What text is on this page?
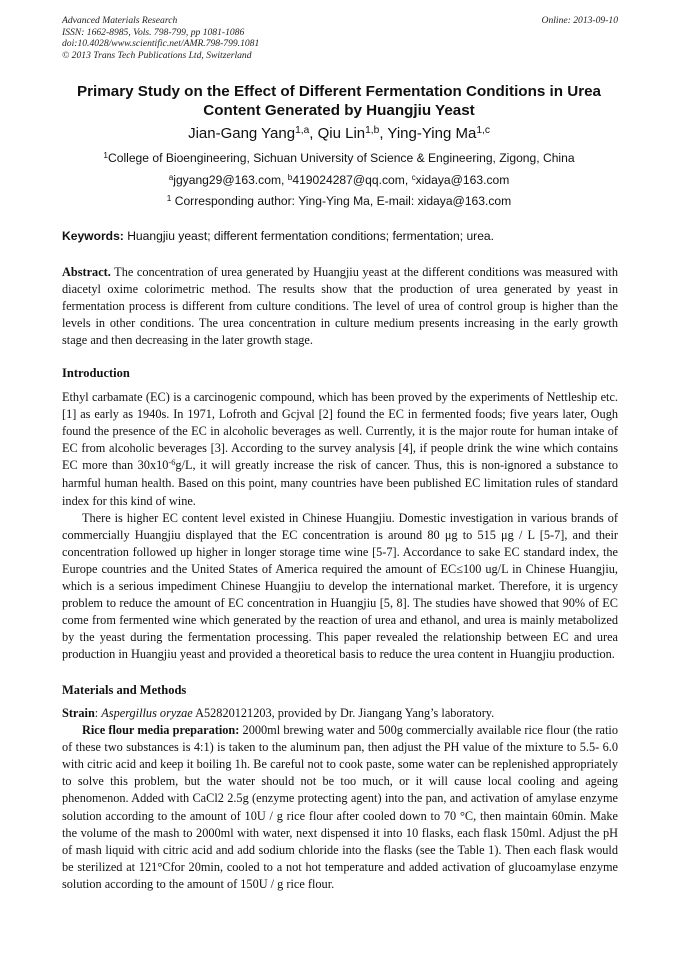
Advanced Materials Research
ISSN: 1662-8985, Vols. 798-799, pp 1081-1086
doi:10.4028/www.scientific.net/AMR.798-799.1081
© 2013 Trans Tech Publications Ltd, Switzerland
Online: 2013-09-10
Primary Study on the Effect of Different Fermentation Conditions in Urea
Content Generated by Huangjiu Yeast
Jian-Gang Yang$^{1,a}$, Qiu Lin$^{1,b}$, Ying-Ying Ma$^{1,c}$
$^1$College of Bioengineering, Sichuan University of Science & Engineering, Zigong, China
$^a$jgyang29@163.com, $^b$419024287@qq.com, $^c$xidaya@163.com
$^1$ Corresponding author: Ying-Ying Ma, E-mail: xidaya@163.com
Keywords: Huangjiu yeast; different fermentation conditions; fermentation; urea.

Abstract. The concentration of urea generated by Huangjiu yeast at the different conditions was measured with diacetyl oxime colorimetric method. The results show that the production of urea generated by yeast in fermentation process is different from culture conditions. The level of urea of control group is higher than the levels in other conditions. The urea concentration in culture medium presents increasing in the early growth stage and then decreasing in the later growth stage.

Introduction

Ethyl carbamate (EC) is a carcinogenic compound, which has been proved by the experiments of Nettleship etc. [1] as early as 1940s. In 1971, Lofroth and Gcjval [2] found the EC in fermented foods; five years later, Ough found the presence of the EC in alcoholic beverages as well. Currently, it is the major route for human intake of EC from alcoholic beverages [3]. According to the survey analysis [4], if people drink the wine which contains EC more than $30x10^{-6}g/L$, it will greatly increase the risk of cancer. Thus, this is non-ignored a substance to harmful human health. Based on this point, many countries have been published EC limitation rules of standard index for this kind of wine.

There is higher EC content level existed in Chinese Huangjiu. Domestic investigation in various brands of commercially Huangjiu displayed that the EC concentration is around 80 μg to 515 μg / L [5-7], and their concentration followed up higher in longer storage time wine [5-7]. Accordance to sake EC standard index, the Europe countries and the United States of America required the amount of EC≤100 ug/L in Chinese Huangjiu, which is a serious impediment Chinese Huangjiu to develop the international market. Therefore, it is urgency problem to reduce the amount of EC concentration in Huangjiu [5, 8]. The studies have showed that 90% of EC come from fermented wine which generated by the reaction of urea and ethanol, and urea is mainly metabolized by the yeast during the fermentation processing. This paper revealed the relationship between EC and urea production in Huangjiu yeast and provided a theoretical basis to reduce the urea content in Huangjiu production.

Materials and Methods

Strain: Aspergillus oryzae A52820121203, provided by Dr. Jiangang Yang’s laboratory.

Rice flour media preparation: 2000ml brewing water and 500g commercially available rice flour (the ratio of these two substances is 4:1) is taken to the aluminum pan, then adjust the PH value of the mixture to 5.5- 6.0 with citric acid and keep it boiling 1h. Be careful not to cook paste, some water can be replenished appropriately to solve this problem, but the water should not be too much, or it will cause local cooling and ageing phenomenon. Added with CaCl2 2.5g (enzyme protecting agent) into the pan, and activation of amylase enzyme solution according to the amount of 10U / g rice flour after cooled down to 70 °C, then maintain 60min. Make the volume of the mash to 2000ml with water, next dispensed it into 10 flasks, each flask 150ml. Adjust the pH of mash liquid with citric acid and add sodium chloride into the flasks (see the Table 1). Then each flask would be sterilized at 121°Cfor 20min, cooled to a not hot temperature and added activation of glucoamylase enzyme solution according to the amount of 150U / g rice flour.
